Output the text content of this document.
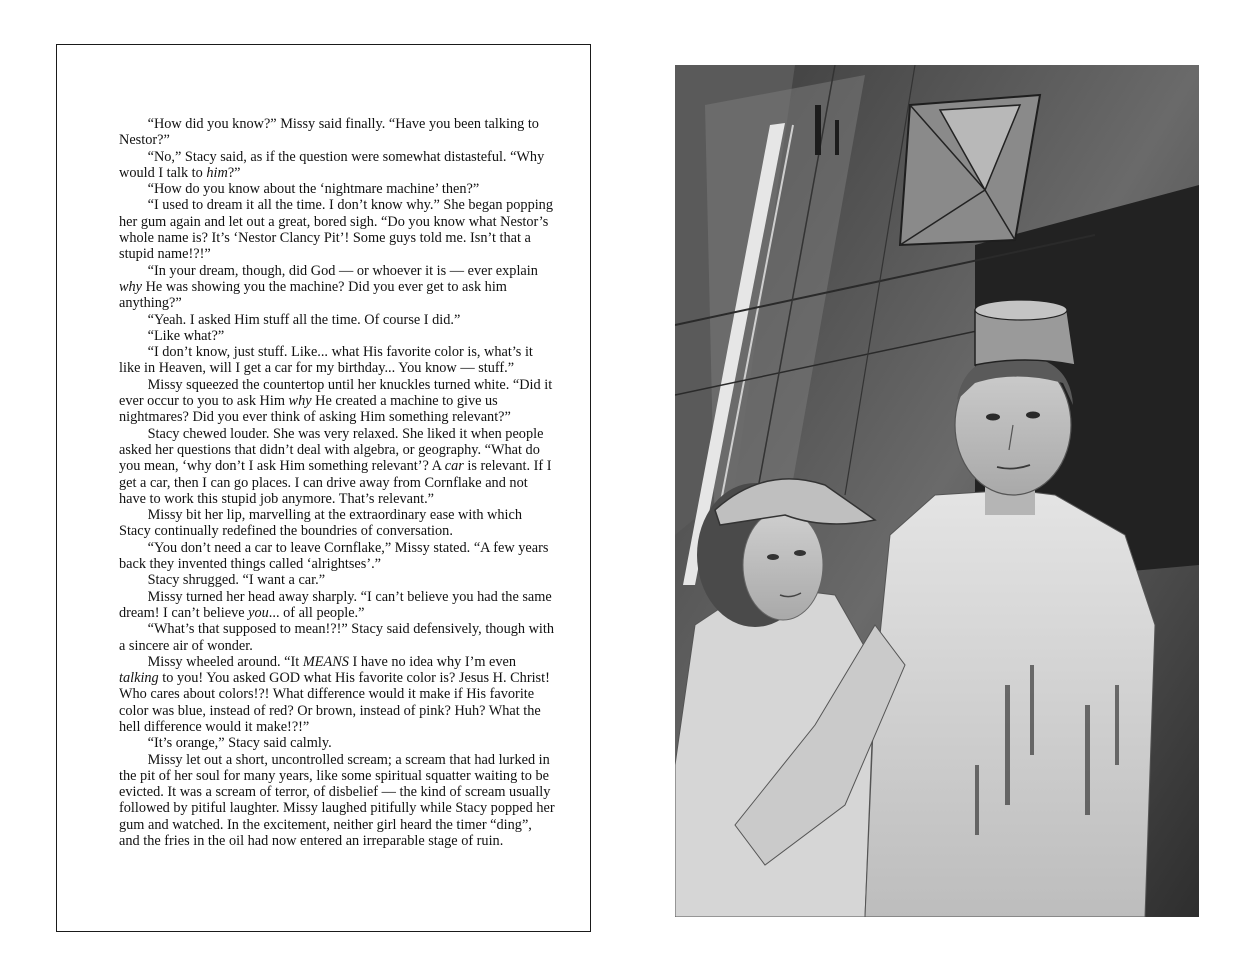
“How did you know?” Missy said finally. “Have you been talking to Nestor?”

“No,” Stacy said, as if the question were somewhat distasteful. “Why would I talk to him?”

“How do you know about the ‘nightmare machine’ then?”

“I used to dream it all the time. I don’t know why.” She began popping her gum again and let out a great, bored sigh. “Do you know what Nestor’s whole name is? It’s ‘Nestor Clancy Pit’! Some guys told me. Isn’t that a stupid name!?!”

“In your dream, though, did God — or whoever it is — ever explain why He was showing you the machine? Did you ever get to ask him anything?”

“Yeah. I asked Him stuff all the time. Of course I did.”

“Like what?”

“I don’t know, just stuff. Like... what His favorite color is, what’s it like in Heaven, will I get a car for my birthday... You know — stuff.”

Missy squeezed the countertop until her knuckles turned white. “Did it ever occur to you to ask Him why He created a machine to give us nightmares? Did you ever think of asking Him something relevant?”

Stacy chewed louder. She was very relaxed. She liked it when people asked her questions that didn’t deal with algebra, or geography. “What do you mean, ‘why don’t I ask Him something relevant’? A car is relevant. If I get a car, then I can go places. I can drive away from Cornflake and not have to work this stupid job anymore. That’s relevant.”

Missy bit her lip, marvelling at the extraordinary ease with which Stacy continually redefined the boundries of conversation.

“You don’t need a car to leave Cornflake,” Missy stated. “A few years back they invented things called ‘alrightses’.”

Stacy shrugged. “I want a car.”

Missy turned her head away sharply. “I can’t believe you had the same dream! I can’t believe you... of all people.”

“What’s that supposed to mean!?!” Stacy said defensively, though with a sincere air of wonder.

Missy wheeled around. “It MEANS I have no idea why I’m even talking to you! You asked GOD what His favorite color is? Jesus H. Christ! Who cares about colors!?! What difference would it make if His favorite color was blue, instead of red? Or brown, instead of pink? Huh? What the hell difference would it make!?!”

“It’s orange,” Stacy said calmly.

Missy let out a short, uncontrolled scream; a scream that had lurked in the pit of her soul for many years, like some spiritual squatter waiting to be evicted. It was a scream of terror, of disbelief — the kind of scream usually followed by pitiful laughter. Missy laughed pitifully while Stacy popped her gum and watched. In the excitement, neither girl heard the timer “ding”, and the fries in the oil had now entered an irreparable stage of ruin.
